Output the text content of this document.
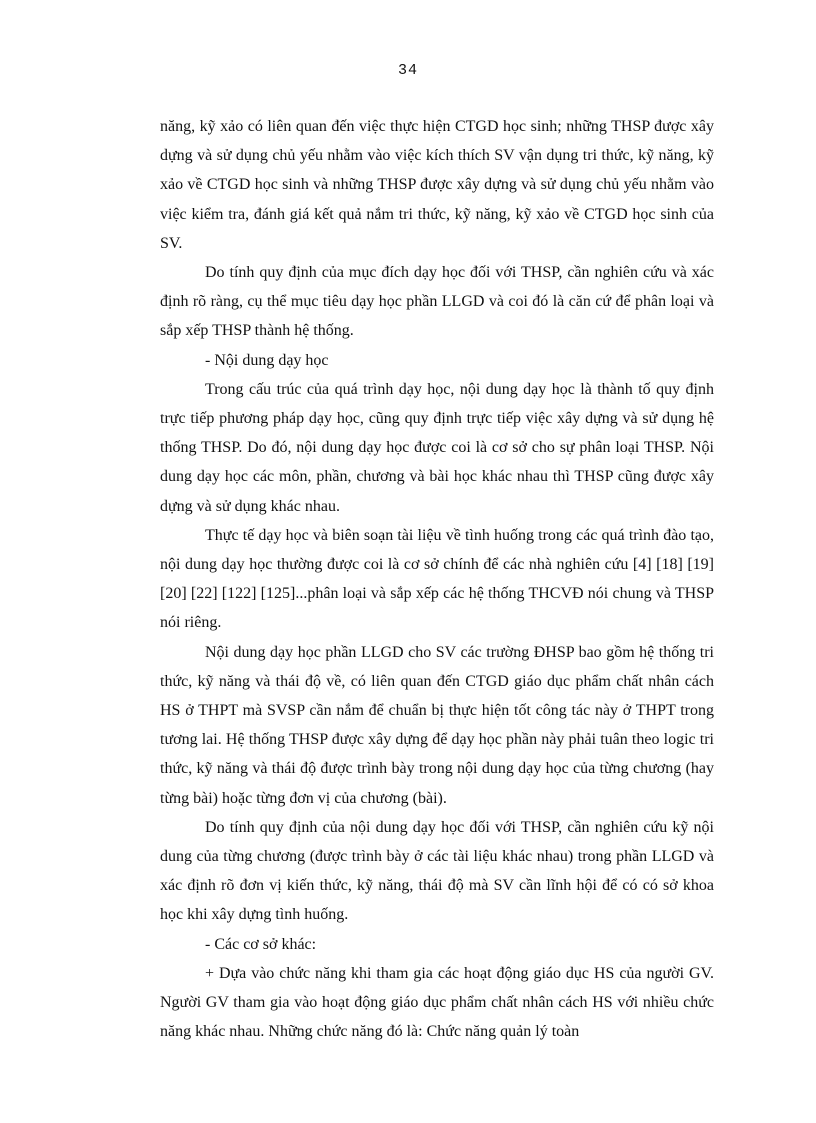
34

năng, kỹ xảo có liên quan đến việc thực hiện CTGD học sinh; những THSP được xây dựng và sử dụng chủ yếu nhằm vào việc kích thích SV vận dụng tri thức, kỹ năng, kỹ xảo về CTGD học sinh và những THSP được xây dựng và sử dụng chủ yếu nhằm vào việc kiểm tra, đánh giá kết quả nắm tri thức, kỹ năng, kỹ xảo về CTGD học sinh của SV.

Do tính quy định của mục đích dạy học đối với THSP, cần nghiên cứu và xác định rõ ràng, cụ thể mục tiêu dạy học phần LLGD và coi đó là căn cứ để phân loại và sắp xếp THSP thành hệ thống.

- Nội dung dạy học

Trong cấu trúc của quá trình dạy học, nội dung dạy học là thành tố quy định trực tiếp phương pháp dạy học, cũng quy định trực tiếp việc xây dựng và sử dụng hệ thống THSP. Do đó, nội dung dạy học được coi là cơ sở cho sự phân loại THSP. Nội dung dạy học các môn, phần, chương và bài học khác nhau thì THSP cũng được xây dựng và sử dụng khác nhau.

Thực tế dạy học và biên soạn tài liệu về tình huống trong các quá trình đào tạo, nội dung dạy học thường được coi là cơ sở chính để các nhà nghiên cứu [4] [18] [19] [20] [22] [122] [125]...phân loại và sắp xếp các hệ thống THCVĐ nói chung và THSP nói riêng.

Nội dung dạy học phần LLGD cho SV các trường ĐHSP bao gồm hệ thống tri thức, kỹ năng và thái độ về, có liên quan đến CTGD giáo dục phẩm chất nhân cách HS ở THPT mà SVSP cần nắm để chuẩn bị thực hiện tốt công tác này ở THPT trong tương lai. Hệ thống THSP được xây dựng để dạy học phần này phải tuân theo logic tri thức, kỹ năng và thái độ được trình bày trong nội dung dạy học của từng chương (hay từng bài) hoặc từng đơn vị của chương (bài).

Do tính quy định của nội dung dạy học đối với THSP, cần nghiên cứu kỹ nội dung của từng chương (được trình bày ở các tài liệu khác nhau) trong phần LLGD và xác định rõ đơn vị kiến thức, kỹ năng, thái độ mà SV cần lĩnh hội để có có sở khoa học khi xây dựng tình huống.

- Các cơ sở khác:

+ Dựa vào chức năng khi tham gia các hoạt động giáo dục HS của người GV. Người GV tham gia vào hoạt động giáo dục phẩm chất nhân cách HS với nhiều chức năng khác nhau. Những chức năng đó là: Chức năng quản lý toàn
